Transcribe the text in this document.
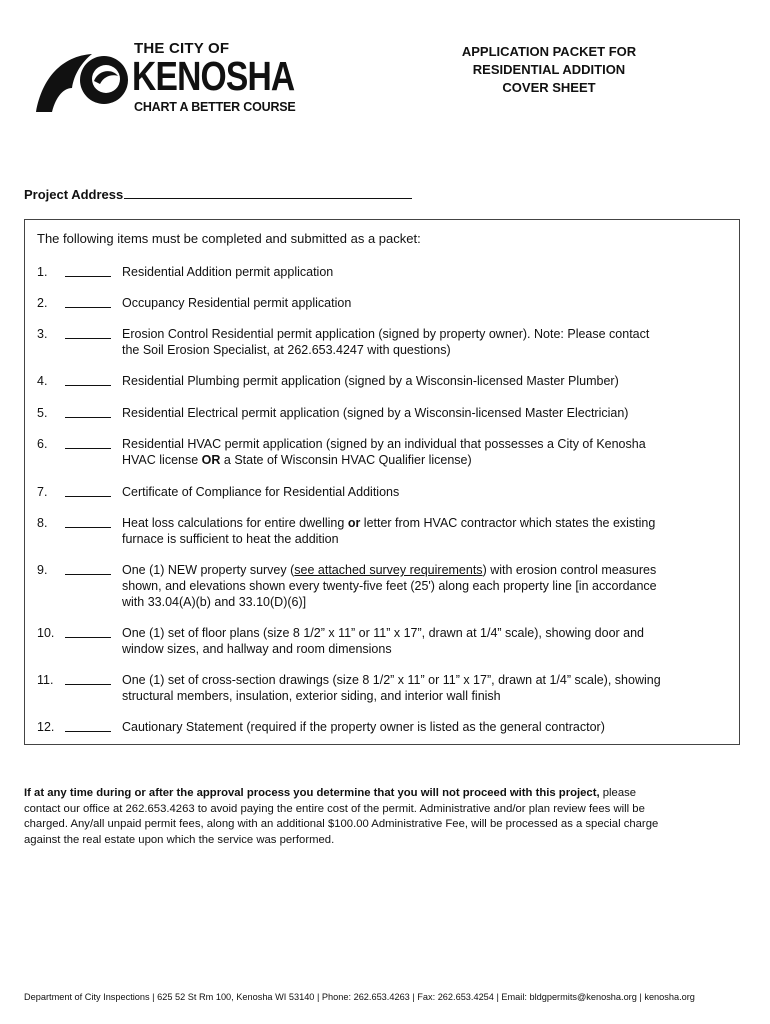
THE CITY OF
KENOSHA
CHART A BETTER COURSE
APPLICATION PACKET FOR
RESIDENTIAL ADDITION
COVER SHEET
Project Address
The following items must be completed and submitted as a packet:
1.	Residential Addition permit application
2.	Occupancy Residential permit application
3.	Erosion Control Residential permit application (signed by property owner). Note: Please contact
the Soil Erosion Specialist, at 262.653.4247 with questions)
4.	Residential Plumbing permit application (signed by a Wisconsin-licensed Master Plumber)
5.	Residential Electrical permit application (signed by a Wisconsin-licensed Master Electrician)
6.	Residential HVAC permit application (signed by an individual that possesses a City of Kenosha
HVAC license OR a State of Wisconsin HVAC Qualifier license)
7.	Certificate of Compliance for Residential Additions
8.	Heat loss calculations for entire dwelling or letter from HVAC contractor which states the existing
furnace is sufficient to heat the addition
9.	One (1) NEW property survey (see attached survey requirements) with erosion control measures
shown, and elevations shown every twenty-five feet (25') along each property line [in accordance
with 33.04(A)(b) and 33.10(D)(6)]
10.	One (1) set of floor plans (size 8 1/2” x 11” or 11” x 17”, drawn at 1/4” scale), showing door and
window sizes, and hallway and room dimensions
11.	One (1) set of cross-section drawings (size 8 1/2” x 11” or 11” x 17”, drawn at 1/4” scale), showing
structural members, insulation, exterior siding, and interior wall finish
12.	Cautionary Statement (required if the property owner is listed as the general contractor)
If at any time during or after the approval process you determine that you will not proceed with this project, please
contact our office at 262.653.4263 to avoid paying the entire cost of the permit. Administrative and/or plan review fees will be
charged. Any/all unpaid permit fees, along with an additional $100.00 Administrative Fee, will be processed as a special charge
against the real estate upon which the service was performed.
Department of City Inspections | 625 52 St Rm 100, Kenosha WI 53140 | Phone: 262.653.4263 | Fax: 262.653.4254 | Email: bldgpermits@kenosha.org | kenosha.org
